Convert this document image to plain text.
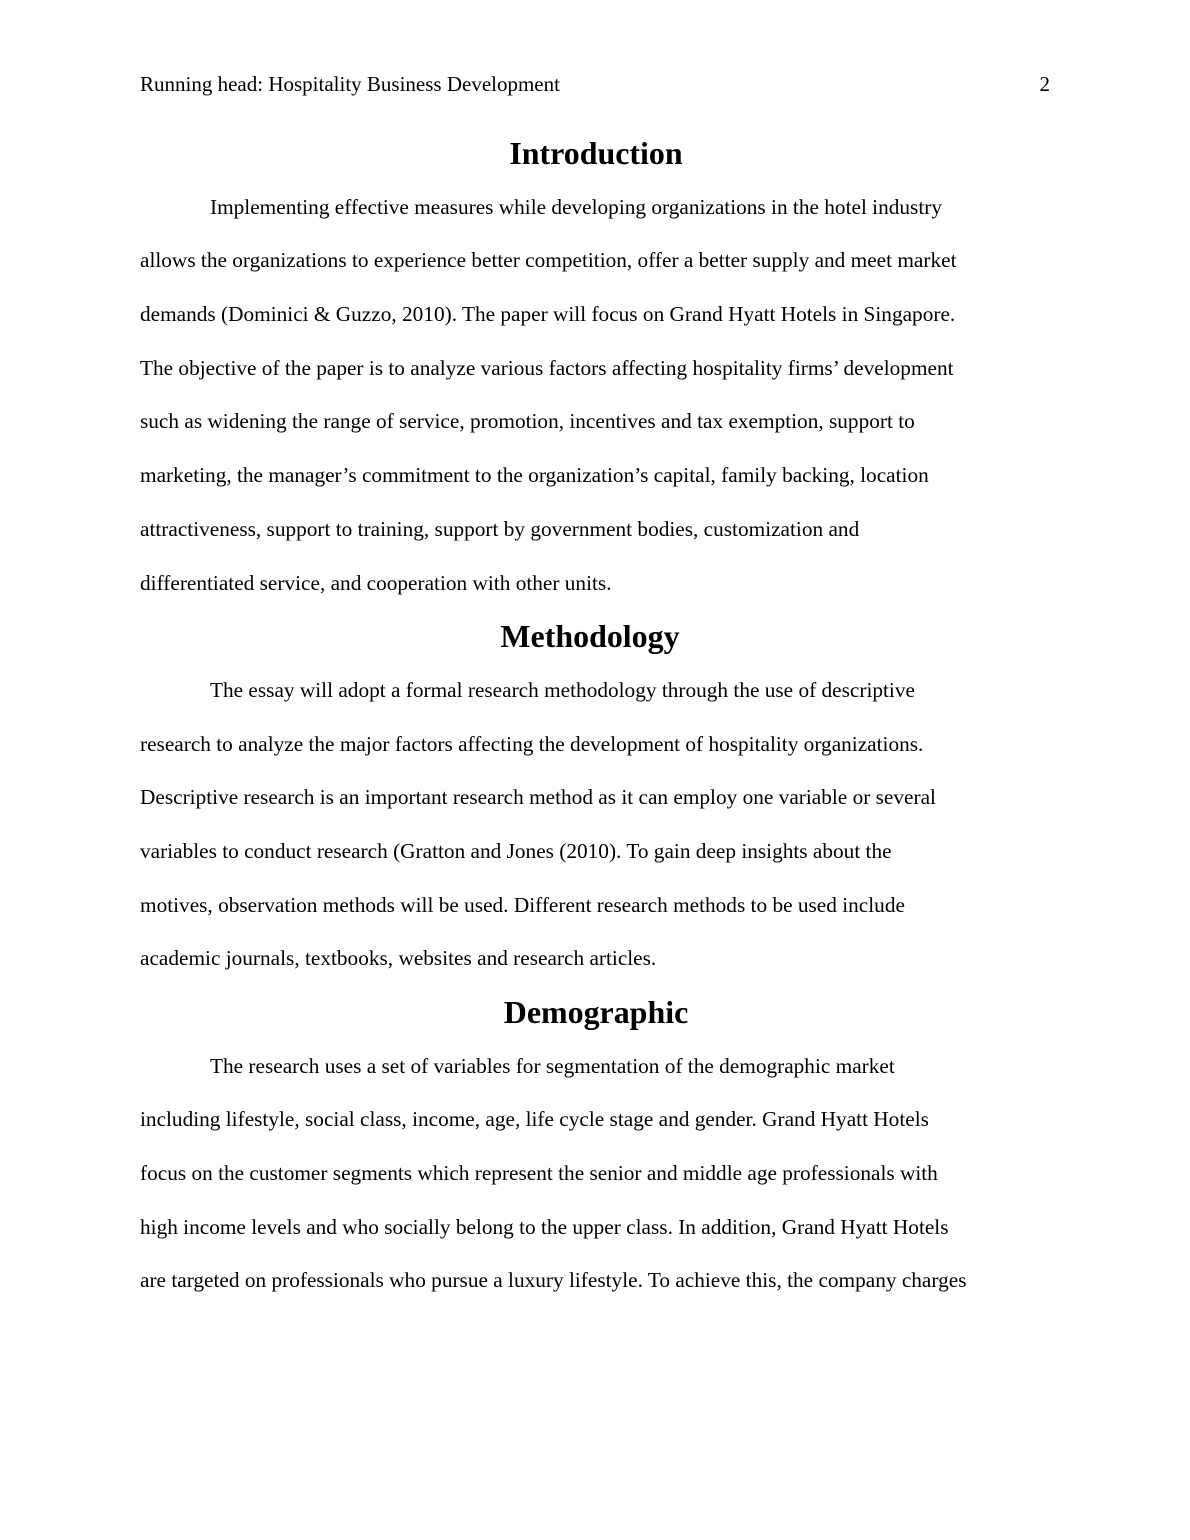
Running head: Hospitality Business Development	2
Introduction

Implementing effective measures while developing organizations in the hotel industry

allows the organizations to experience better competition, offer a better supply and meet market

demands (Dominici & Guzzo, 2010). The paper will focus on Grand Hyatt Hotels in Singapore.

The objective of the paper is to analyze various factors affecting hospitality firms’ development

such as widening the range of service, promotion, incentives and tax exemption, support to

marketing, the manager’s commitment to the organization’s capital, family backing, location

attractiveness, support to training, support by government bodies, customization and

differentiated service, and cooperation with other units.

Methodology

The essay will adopt a formal research methodology through the use of descriptive

research to analyze the major factors affecting the development of hospitality organizations.

Descriptive research is an important research method as it can employ one variable or several

variables to conduct research (Gratton and Jones (2010). To gain deep insights about the

motives, observation methods will be used. Different research methods to be used include

academic journals, textbooks, websites and research articles.

Demographic

The research uses a set of variables for segmentation of the demographic market

including lifestyle, social class, income, age, life cycle stage and gender. Grand Hyatt Hotels

focus on the customer segments which represent the senior and middle age professionals with

high income levels and who socially belong to the upper class. In addition, Grand Hyatt Hotels

are targeted on professionals who pursue a luxury lifestyle. To achieve this, the company charges
